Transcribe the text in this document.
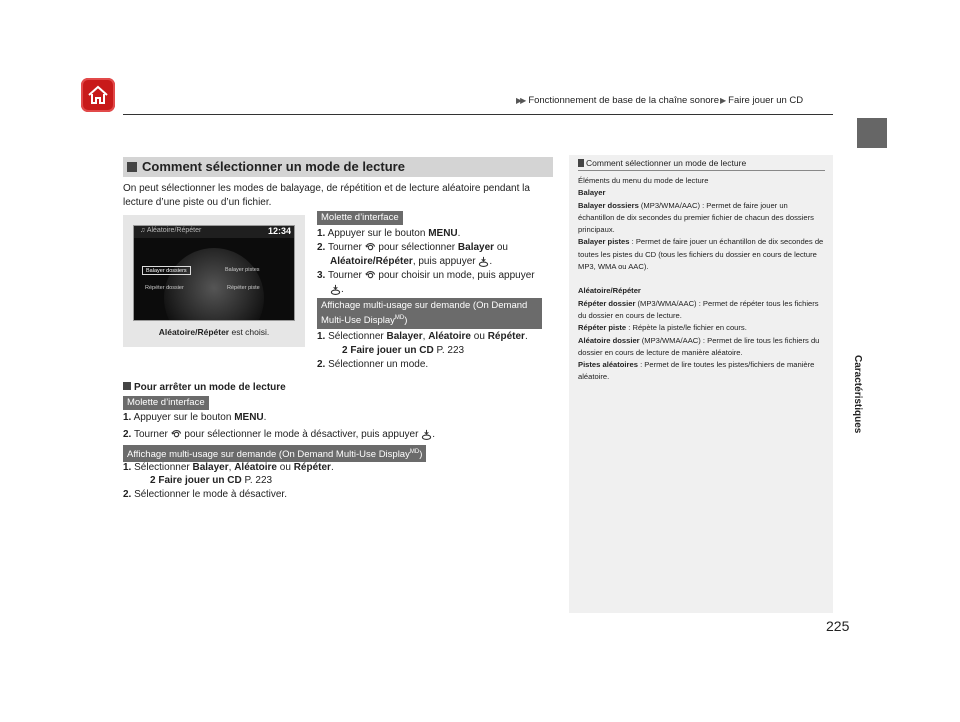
▶▶ Fonctionnement de base de la chaîne sonore▶ Faire jouer un CD
Caractéristiques
225
Comment sélectionner un mode de lecture
On peut sélectionner les modes de balayage, de répétition et de lecture aléatoire pendant la lecture d’une piste ou d’un fichier.
♫ Aléatoire/Répéter	12:34
Balayer dossiers	Balayer pistes
Répéter dossier	Répéter piste
Aléatoire/Répéter est choisi.
Molette d’interface
1. Appuyer sur le bouton MENU.
2. Tourner  pour sélectionner Balayer ou
Aléatoire/Répéter, puis appuyer .
3. Tourner  pour choisir un mode, puis appuyer
.
Affichage multi-usage sur demande (On Demand
Multi-Use Display$^{MD}$)
1. Sélectionner Balayer, Aléatoire ou Répéter.
2 Faire jouer un CD P. 223
2. Sélectionner un mode.
Pour arrêter un mode de lecture
Molette d’interface
1. Appuyer sur le bouton MENU.
2. Tourner  pour sélectionner le mode à désactiver, puis appuyer .
Affichage multi-usage sur demande (On Demand Multi-Use Display$^{MD}$)
1. Sélectionner Balayer, Aléatoire ou Répéter.
2 Faire jouer un CD P. 223
2. Sélectionner le mode à désactiver.
Comment sélectionner un mode de lecture
Éléments du menu du mode de lecture
Balayer
Balayer dossiers (MP3/WMA/AAC) : Permet de faire jouer un échantillon de dix secondes du premier fichier de chacun des dossiers principaux.
Balayer pistes : Permet de faire jouer un échantillon de dix secondes de toutes les pistes du CD (tous les fichiers du dossier en cours de lecture MP3, WMA ou AAC).
Aléatoire/Répéter
Répéter dossier (MP3/WMA/AAC) : Permet de répéter tous les fichiers du dossier en cours de lecture.
Répéter piste : Répète la piste/le fichier en cours.
Aléatoire dossier (MP3/WMA/AAC) : Permet de lire tous les fichiers du dossier en cours de lecture de manière aléatoire.
Pistes aléatoires : Permet de lire toutes les pistes/fichiers de manière aléatoire.
